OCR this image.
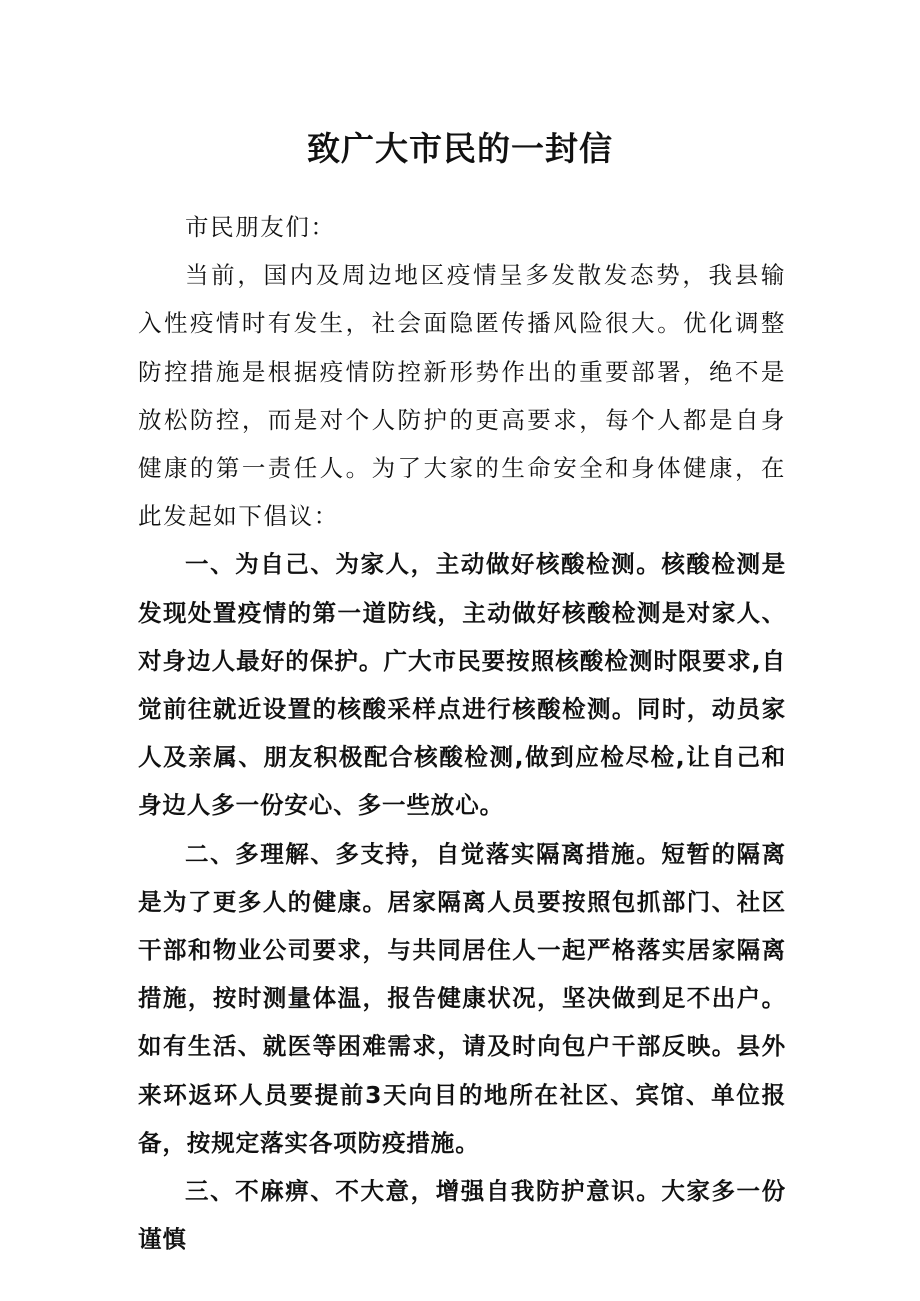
致广大市民的一封信

市民朋友们：

当前，国内及周边地区疫情呈多发散发态势，我县输入性疫情时有发生，社会面隐匿传播风险很大。优化调整防控措施是根据疫情防控新形势作出的重要部署，绝不是放松防控，而是对个人防护的更高要求，每个人都是自身健康的第一责任人。为了大家的生命安全和身体健康，在此发起如下倡议：

一、为自己、为家人，主动做好核酸检测。核酸检测是发现处置疫情的第一道防线，主动做好核酸检测是对家人、对身边人最好的保护。广大市民要按照核酸检测时限要求,自觉前往就近设置的核酸采样点进行核酸检测。同时，动员家人及亲属、朋友积极配合核酸检测,做到应检尽检,让自己和身边人多一份安心、多一些放心。

二、多理解、多支持，自觉落实隔离措施。短暂的隔离是为了更多人的健康。居家隔离人员要按照包抓部门、社区干部和物业公司要求，与共同居住人一起严格落实居家隔离措施，按时测量体温，报告健康状况，坚决做到足不出户。如有生活、就医等困难需求，请及时向包户干部反映。县外来环返环人员要提前3天向目的地所在社区、宾馆、单位报备，按规定落实各项防疫措施。

三、不麻痹、不大意，增强自我防护意识。大家多一份谨慎
